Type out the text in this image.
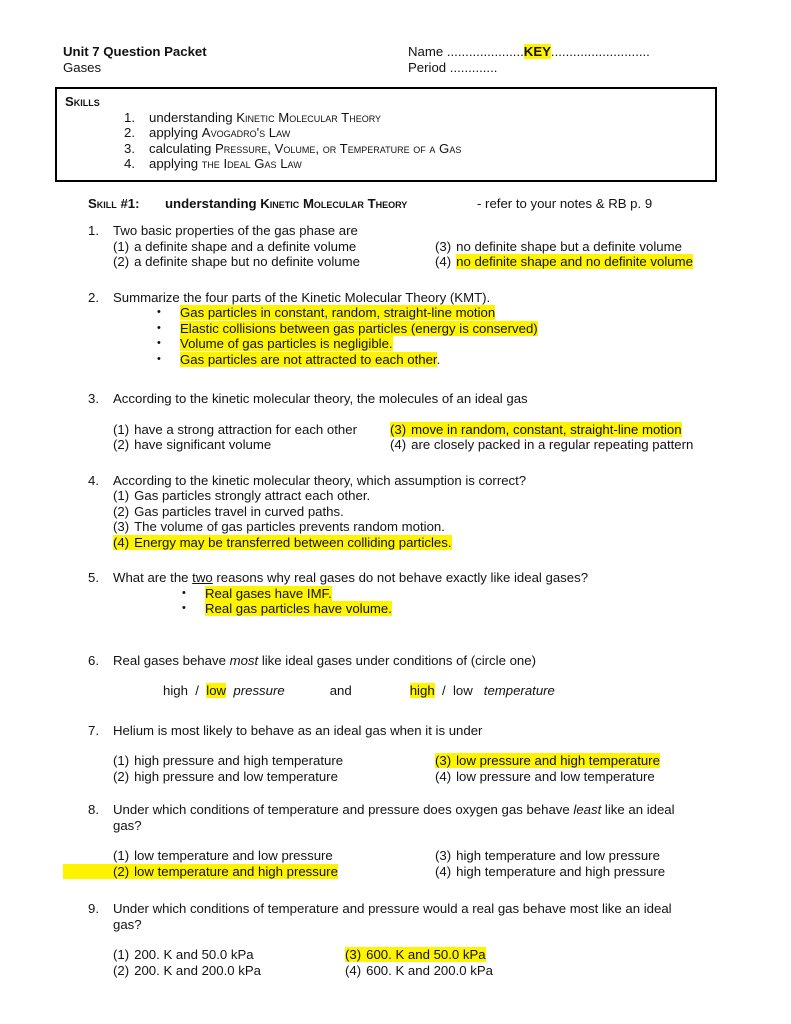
Unit 7 Question Packet
Gases
Name .....................KEY...........................
Period .............
Skills
1. understanding Kinetic Molecular Theory
2. applying Avogadro's Law
3. calculating Pressure, Volume, or Temperature of a Gas
4. applying the Ideal Gas Law
Skill #1: understanding Kinetic Molecular Theory	- refer to your notes & RB p. 9
1. Two basic properties of the gas phase are
(1) a definite shape and a definite volume	(3) no definite shape but a definite volume
(2) a definite shape but no definite volume	(4) no definite shape and no definite volume
2. Summarize the four parts of the Kinetic Molecular Theory (KMT).
• Gas particles in constant, random, straight-line motion
• Elastic collisions between gas particles (energy is conserved)
• Volume of gas particles is negligible.
• Gas particles are not attracted to each other.
3. According to the kinetic molecular theory, the molecules of an ideal gas
(1) have a strong attraction for each other	(3) move in random, constant, straight-line motion
(2) have significant volume	(4) are closely packed in a regular repeating pattern
4. According to the kinetic molecular theory, which assumption is correct?
(1) Gas particles strongly attract each other.
(2) Gas particles travel in curved paths.
(3) The volume of gas particles prevents random motion.
(4) Energy may be transferred between colliding particles.
5. What are the two reasons why real gases do not behave exactly like ideal gases?
• Real gases have IMF.
• Real gas particles have volume.
6. Real gases behave most like ideal gases under conditions of (circle one)
high  /  low pressure	and	high  /  low temperature
7. Helium is most likely to behave as an ideal gas when it is under
(1) high pressure and high temperature	(3) low pressure and high temperature
(2) high pressure and low temperature	(4) low pressure and low temperature
8. Under which conditions of temperature and pressure does oxygen gas behave least like an ideal
gas?
(1) low temperature and low pressure	(3) high temperature and low pressure
(2) low temperature and high pressure	(4) high temperature and high pressure
9. Under which conditions of temperature and pressure would a real gas behave most like an ideal
gas?
(1) 200. K and 50.0 kPa	(3) 600. K and 50.0 kPa
(2) 200. K and 200.0 kPa	(4) 600. K and 200.0 kPa
